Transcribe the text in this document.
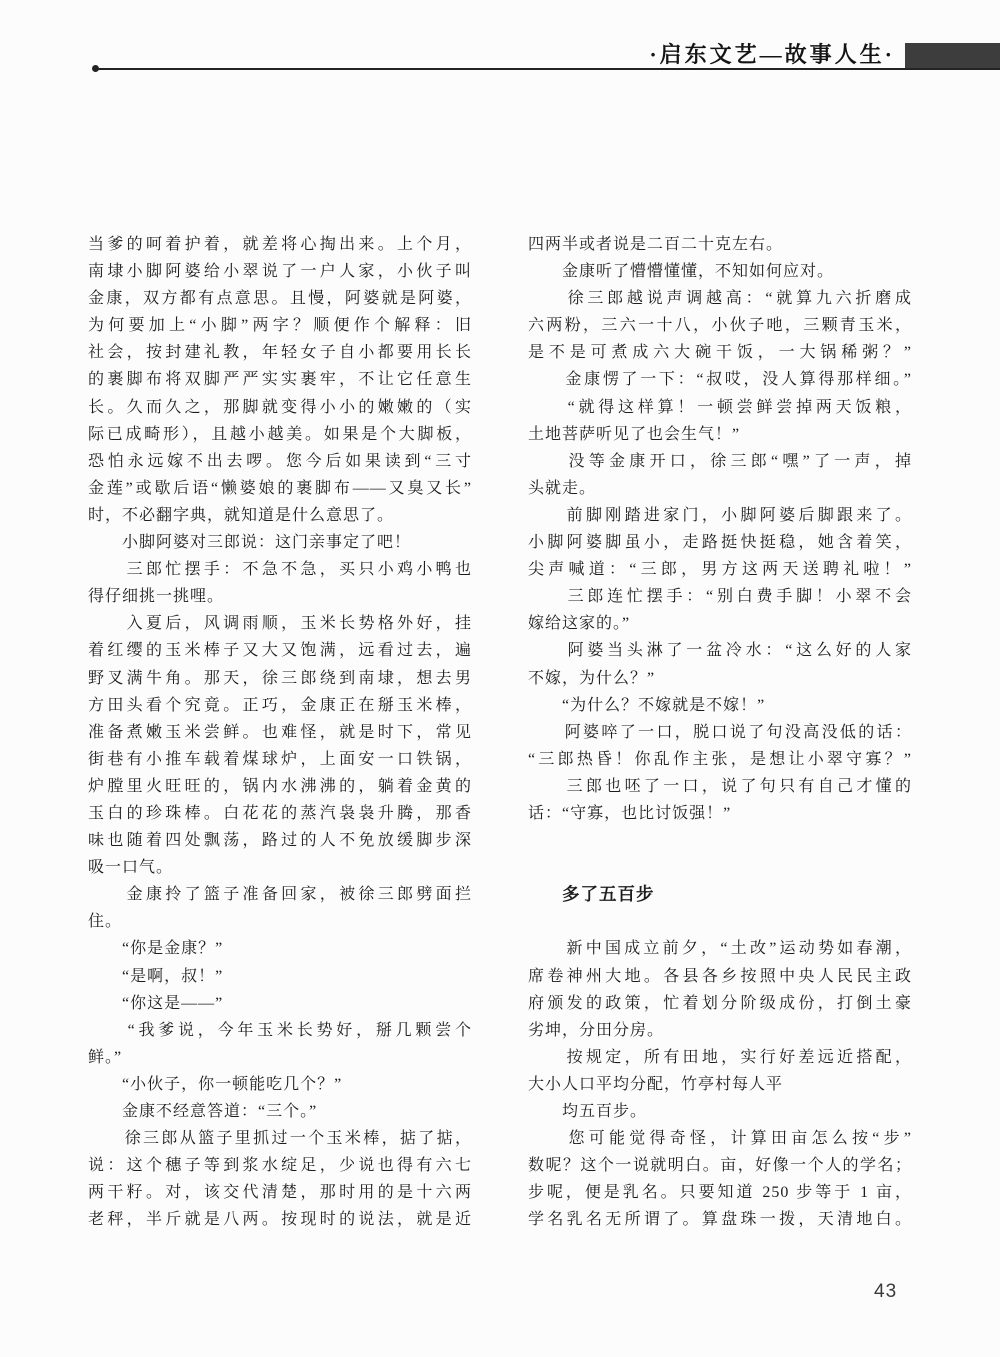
·启东文艺—故事人生·
当爹的呵着护着，就差将心掏出来。上个月，
南埭小脚阿婆给小翠说了一户人家，小伙子叫
金康，双方都有点意思。且慢，阿婆就是阿婆，
为何要加上“小脚”两字？顺便作个解释：旧
社会，按封建礼教，年轻女子自小都要用长长
的裹脚布将双脚严严实实裹牢，不让它任意生
长。久而久之，那脚就变得小小的嫩嫩的（实
际已成畸形），且越小越美。如果是个大脚板，
恐怕永远嫁不出去啰。您今后如果读到“三寸
金莲”或歇后语“懒婆娘的裹脚布——又臭又长”
时，不必翻字典，就知道是什么意思了。
　　小脚阿婆对三郎说：这门亲事定了吧！
　　三郎忙摆手：不急不急，买只小鸡小鸭也
得仔细挑一挑哩。
　　入夏后，风调雨顺，玉米长势格外好，挂
着红缨的玉米棒子又大又饱满，远看过去，遍
野叉满牛角。那天，徐三郎绕到南埭，想去男
方田头看个究竟。正巧，金康正在掰玉米棒，
准备煮嫩玉米尝鲜。也难怪，就是时下，常见
街巷有小推车载着煤球炉，上面安一口铁锅，
炉膛里火旺旺的，锅内水沸沸的，躺着金黄的
玉白的珍珠棒。白花花的蒸汽袅袅升腾，那香
味也随着四处飘荡，路过的人不免放缓脚步深
吸一口气。
　　金康拎了篮子准备回家，被徐三郎劈面拦
住。
　　“你是金康？”
　　“是啊，叔！”
　　“你这是——”
　　“我爹说，今年玉米长势好，掰几颗尝个
鲜。”
　　“小伙子，你一顿能吃几个？”
　　金康不经意答道：“三个。”
　　徐三郎从篮子里抓过一个玉米棒，掂了掂，
说：这个穗子等到浆水绽足，少说也得有六七
两干籽。对，该交代清楚，那时用的是十六两
老秤，半斤就是八两。按现时的说法，就是近
四两半或者说是二百二十克左右。
　　金康听了懵懵懂懂，不知如何应对。
　　徐三郎越说声调越高：“就算九六折磨成
六两粉，三六一十八，小伙子吔，三颗青玉米，
是不是可煮成六大碗干饭，一大锅稀粥？”
　　金康愣了一下：“叔哎，没人算得那样细。”
　　“就得这样算！一顿尝鲜尝掉两天饭粮，
土地菩萨听见了也会生气！”
　　没等金康开口，徐三郎“嘿”了一声，掉
头就走。
　　前脚刚踏进家门，小脚阿婆后脚跟来了。
小脚阿婆脚虽小，走路挺快挺稳，她含着笑，
尖声喊道：“三郎，男方这两天送聘礼啦！”
　　三郎连忙摆手：“别白费手脚！小翠不会
嫁给这家的。”
　　阿婆当头淋了一盆冷水：“这么好的人家
不嫁，为什么？”
　　“为什么？不嫁就是不嫁！”
　　阿婆啐了一口，脱口说了句没高没低的话：
“三郎热昏！你乱作主张，是想让小翠守寡？”
　　三郎也呸了一口，说了句只有自己才懂的
话：“守寡，也比讨饭强！”
多了五百步
　　新中国成立前夕，“土改”运动势如春潮，
席卷神州大地。各县各乡按照中央人民民主政
府颁发的政策，忙着划分阶级成份，打倒土豪
劣坤，分田分房。
　　按规定，所有田地，实行好差远近搭配，
大小人口平均分配，竹亭村每人平
　　均五百步。
　　您可能觉得奇怪，计算田亩怎么按“步”
数呢？这个一说就明白。亩，好像一个人的学名；
步呢，便是乳名。只要知道 250 步等于 1 亩，
学名乳名无所谓了。算盘珠一拨，天清地白。
43
